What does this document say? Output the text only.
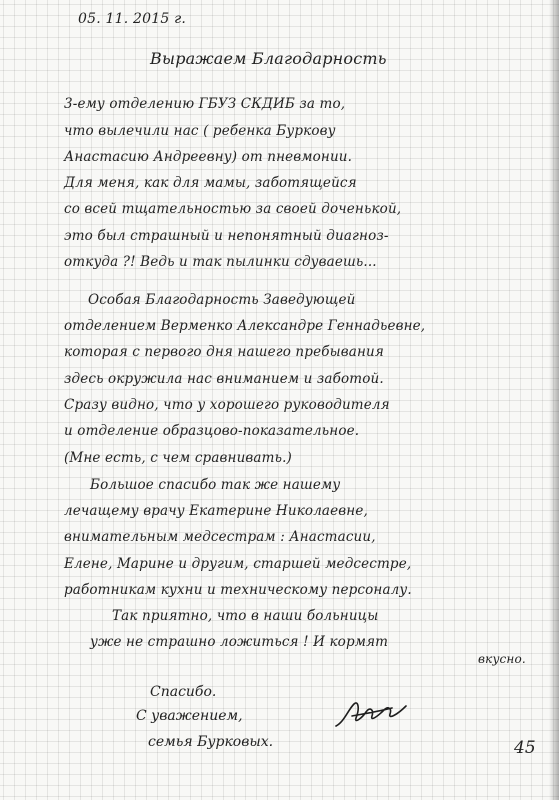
05. 11. 2015 г.
Выражаем Благодарность
3-ему отделению ГБУЗ СКДИБ за то,
что вылечили нас ( ребенка Буркову
Анастасию Андреевну) от пневмонии.
Для меня, как для мамы, заботящейся
со всей тщательностью за своей доченькой,
это был страшный и непонятный диагноз-
откуда ?! Ведь и так пылинки сдуваешь...
Особая Благодарность Заведующей
отделением Верменко Александре Геннадьевне,
которая с первого дня нашего пребывания
здесь окружила нас вниманием и заботой.
Сразу видно, что у хорошего руководителя
и отделение образцово-показательное.
(Мне есть, с чем сравнивать.)
Большое спасибо так же нашему
лечащему врачу Екатерине Николаевне,
внимательным медсестрам : Анастасии,
Елене, Марине и другим, старшей медсестре,
работникам кухни и техническому персоналу.
Так приятно, что в наши больницы
уже не страшно ложиться ! И кормят
вкусно.
Спасибо.
С уважением,
семья Бурковых.	45
